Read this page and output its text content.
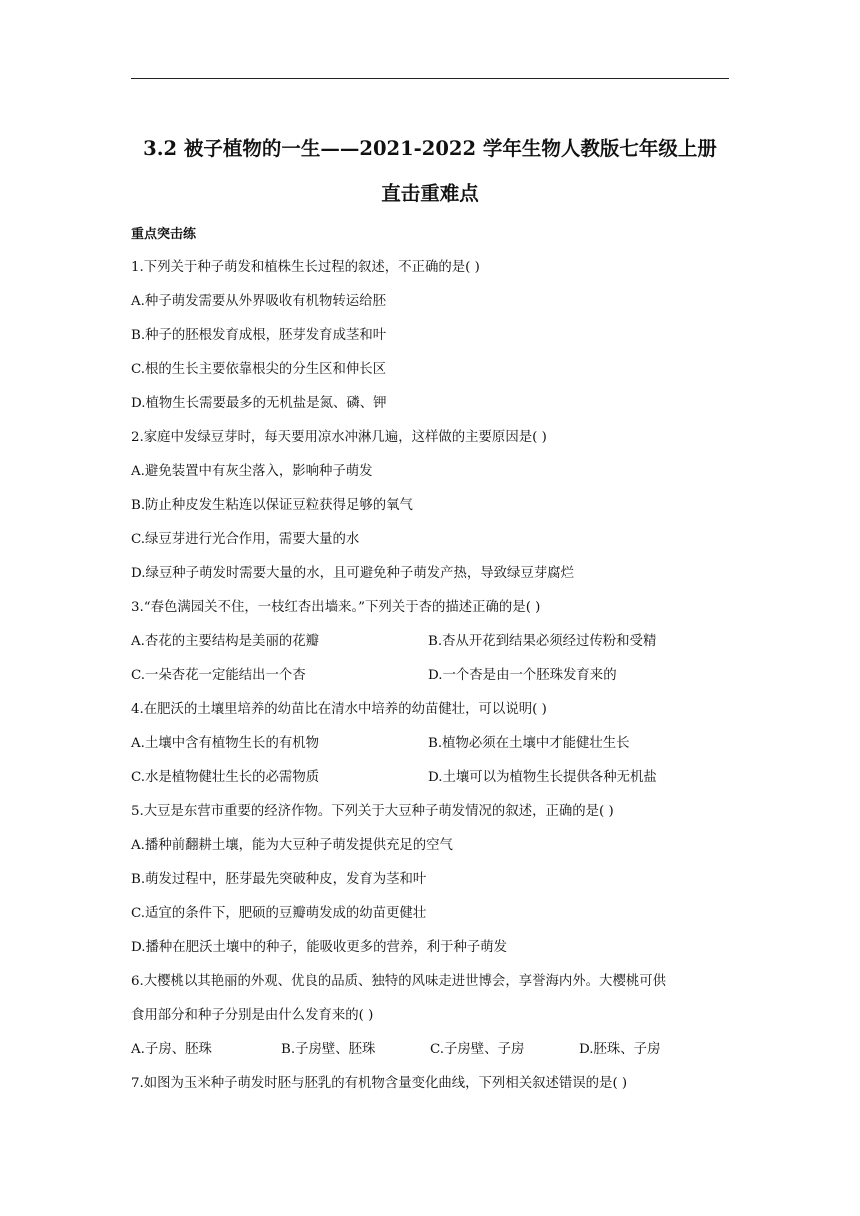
3.2 被子植物的一生——2021-2022 学年生物人教版七年级上册
直击重难点
重点突击练
1.下列关于种子萌发和植株生长过程的叙述，不正确的是( )
A.种子萌发需要从外界吸收有机物转运给胚
B.种子的胚根发育成根，胚芽发育成茎和叶
C.根的生长主要依靠根尖的分生区和伸长区
D.植物生长需要最多的无机盐是氮、磷、钾
2.家庭中发绿豆芽时，每天要用凉水冲淋几遍，这样做的主要原因是( )
A.避免装置中有灰尘落入，影响种子萌发
B.防止种皮发生粘连以保证豆粒获得足够的氧气
C.绿豆芽进行光合作用，需要大量的水
D.绿豆种子萌发时需要大量的水，且可避免种子萌发产热，导致绿豆芽腐烂
3.“春色满园关不住，一枝红杏出墙来。”下列关于杏的描述正确的是( )
A.杏花的主要结构是美丽的花瓣	B.杏从开花到结果必须经过传粉和受精
C.一朵杏花一定能结出一个杏	D.一个杏是由一个胚珠发育来的
4.在肥沃的土壤里培养的幼苗比在清水中培养的幼苗健壮，可以说明( )
A.土壤中含有植物生长的有机物	B.植物必须在土壤中才能健壮生长
C.水是植物健壮生长的必需物质	D.土壤可以为植物生长提供各种无机盐
5.大豆是东营市重要的经济作物。下列关于大豆种子萌发情况的叙述，正确的是( )
A.播种前翻耕土壤，能为大豆种子萌发提供充足的空气
B.萌发过程中，胚芽最先突破种皮，发育为茎和叶
C.适宜的条件下，肥硕的豆瓣萌发成的幼苗更健壮
D.播种在肥沃土壤中的种子，能吸收更多的营养，利于种子萌发
6.大樱桃以其艳丽的外观、优良的品质、独特的风味走进世博会，享誉海内外。大樱桃可供
食用部分和种子分别是由什么发育来的( )
A.子房、胚珠	B.子房壁、胚珠	C.子房壁、子房	D.胚珠、子房
7.如图为玉米种子萌发时胚与胚乳的有机物含量变化曲线，下列相关叙述错误的是( )
